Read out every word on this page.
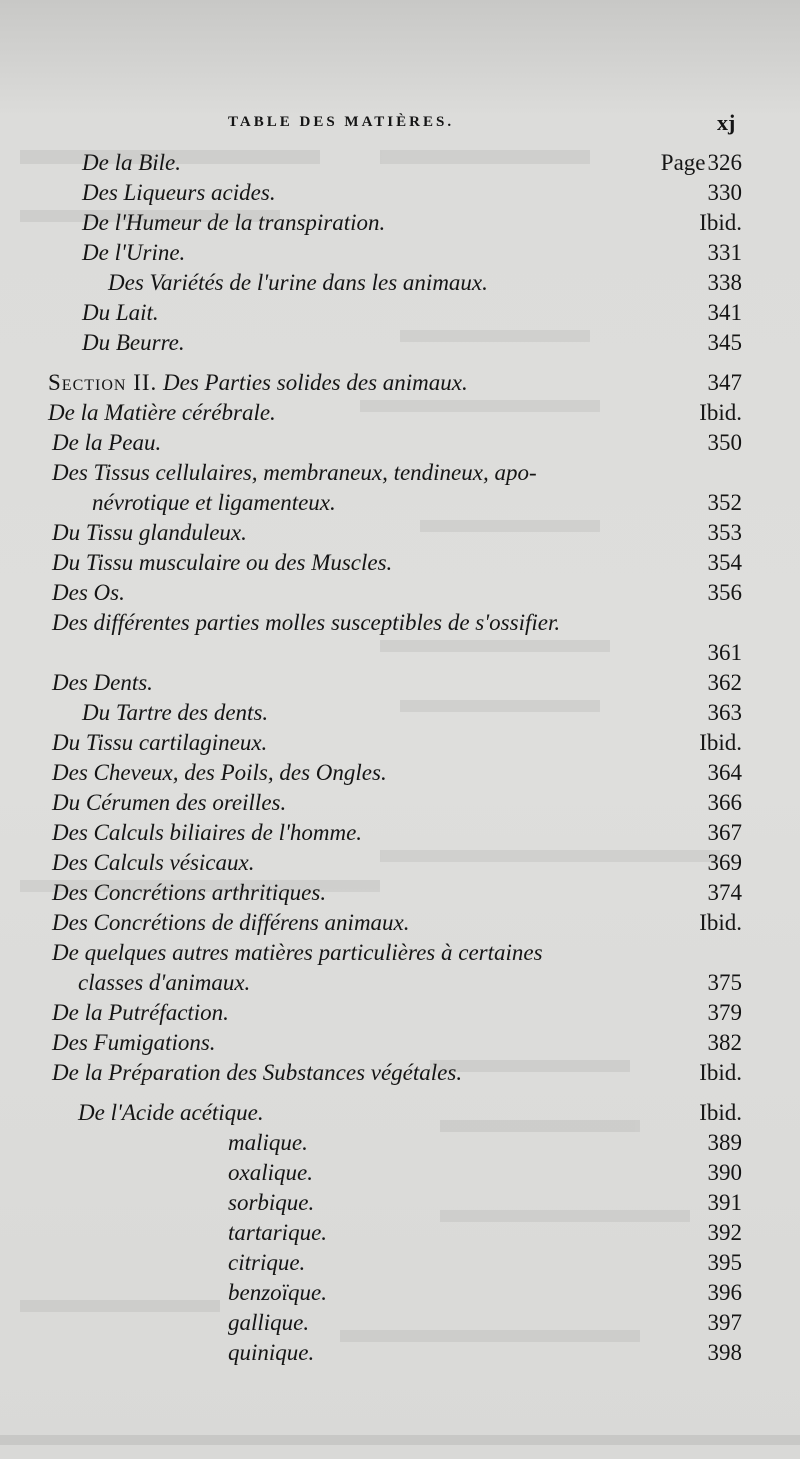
TABLE DES MATIÈRES.	xj
De la Bile.	Page326
Des Liqueurs acides.	330
De l'Humeur de la transpiration.	Ibid.
De l'Urine.	331
Des Variétés de l'urine dans les animaux.	338
Du Lait.	341
Du Beurre.	345
Section II. Des Parties solides des animaux.	347
De la Matière cérébrale.	Ibid.
De la Peau.	350
Des Tissus cellulaires, membraneux, tendineux, apo-
névrotique et ligamenteux.	352
Du Tissu glanduleux.	353
Du Tissu musculaire ou des Muscles.	354
Des Os.	356
Des différentes parties molles susceptibles de s'ossifier.
361
Des Dents.	362
Du Tartre des dents.	363
Du Tissu cartilagineux.	Ibid.
Des Cheveux, des Poils, des Ongles.	364
Du Cérumen des oreilles.	366
Des Calculs biliaires de l'homme.	367
Des Calculs vésicaux.	369
Des Concrétions arthritiques.	374
Des Concrétions de différens animaux.	Ibid.
De quelques autres matières particulières à certaines
classes d'animaux.	375
De la Putréfaction.	379
Des Fumigations.	382
De la Préparation des Substances végétales.	Ibid.
De l'Acide acétique.	Ibid.
malique.	389
oxalique.	390
sorbique.	391
tartarique.	392
citrique.	395
benzoïque.	396
gallique.	397
quinique.	398
